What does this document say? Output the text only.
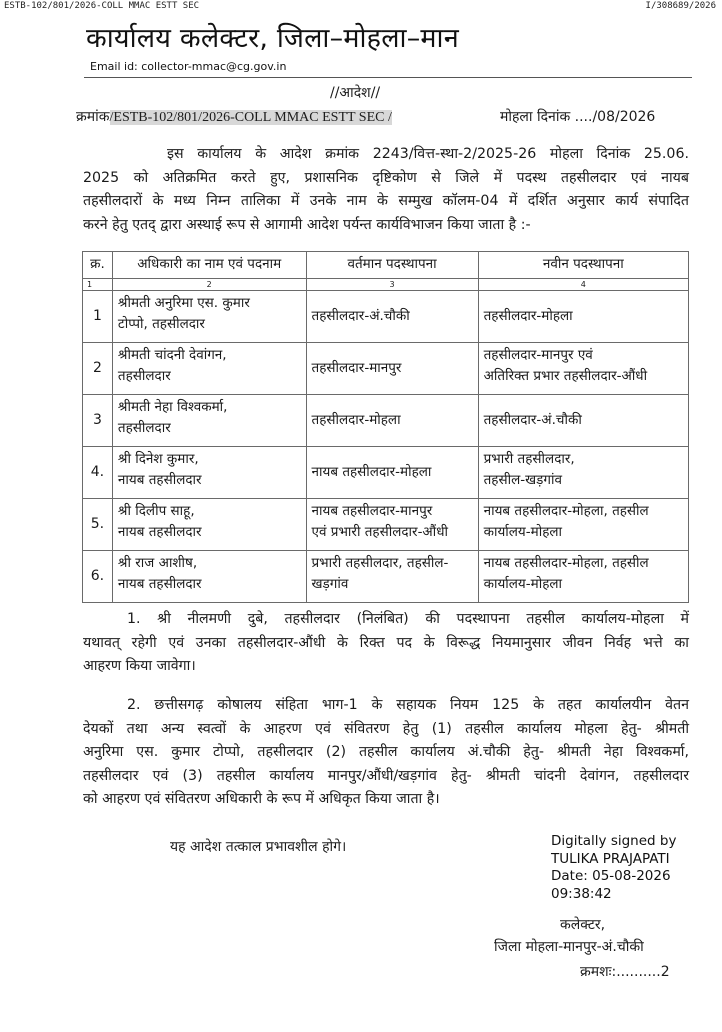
ESTB-102/801/2026-COLL MMAC ESTT SEC	I/308689/2026
कार्यालय कलेक्टर, जिला–मोहला–मान
Email id: collector-mmac@cg.gov.in
//आदेश//
क्रमांक/ESTB-102/801/2026-COLL MMAC ESTT SEC /	मोहला दिनांक ..../08/2026
इस कार्यालय के आदेश क्रमांक 2243/वित्त-स्था-2/2025-26 मोहला दिनांक 25.06.
2025 को अतिक्रमित करते हुए, प्रशासनिक दृष्टिकोण से जिले में पदस्थ तहसीलदार एवं नायब
तहसीलदारों के मध्य निम्न तालिका में उनके नाम के सम्मुख कॉलम-04 में दर्शित अनुसार कार्य संपादित
करने हेतु एतद् द्वारा अस्थाई रूप से आगामी आदेश पर्यन्त कार्यविभाजन किया जाता है :-
क्र.	अधिकारी का नाम एवं पदनाम	वर्तमान पदस्थापना	नवीन पदस्थापना
1	2	3	4
1	श्रीमती अनुरिमा एस. कुमार
टोप्पो, तहसीलदार	तहसीलदार-अं.चौकी	तहसीलदार-मोहला
2	श्रीमती चांदनी देवांगन,
तहसीलदार	तहसीलदार-मानपुर	तहसीलदार-मानपुर एवं
अतिरिक्त प्रभार तहसीलदार-औंधी
3	श्रीमती नेहा विश्वकर्मा,
तहसीलदार	तहसीलदार-मोहला	तहसीलदार-अं.चौकी
4.	श्री दिनेश कुमार,
नायब तहसीलदार	नायब तहसीलदार-मोहला	प्रभारी तहसीलदार,
तहसील-खड़गांव
5.	श्री दिलीप साहू,
नायब तहसीलदार	नायब तहसीलदार-मानपुर
एवं प्रभारी तहसीलदार-औंधी	नायब तहसीलदार-मोहला, तहसील
कार्यालय-मोहला
6.	श्री राज आशीष,
नायब तहसीलदार	प्रभारी तहसीलदार, तहसील-
खड़गांव	नायब तहसीलदार-मोहला, तहसील
कार्यालय-मोहला
1. श्री नीलमणी दुबे, तहसीलदार (निलंबित) की पदस्थापना तहसील कार्यालय-मोहला में
यथावत् रहेगी एवं उनका तहसीलदार-औंधी के रिक्त पद के विरूद्ध नियमानुसार जीवन निर्वह भत्ते का
आहरण किया जावेगा।
2. छत्तीसगढ़ कोषालय संहिता भाग-1 के सहायक नियम 125 के तहत कार्यालयीन वेतन
देयकों तथा अन्य स्वत्वों के आहरण एवं संवितरण हेतु (1) तहसील कार्यालय मोहला हेतु- श्रीमती
अनुरिमा एस. कुमार टोप्पो, तहसीलदार (2) तहसील कार्यालय अं.चौकी हेतु- श्रीमती नेहा विश्वकर्मा,
तहसीलदार एवं (3) तहसील कार्यालय मानपुर/औंधी/खड़गांव हेतु- श्रीमती चांदनी देवांगन, तहसीलदार
को आहरण एवं संवितरण अधिकारी के रूप में अधिकृत किया जाता है।
यह आदेश तत्काल प्रभावशील होगे।	Digitally signed by
TULIKA PRAJAPATI
Date: 05-08-2026
09:38:42
कलेक्टर,
जिला मोहला-मानपुर-अं.चौकी
क्रमशः:..........2
